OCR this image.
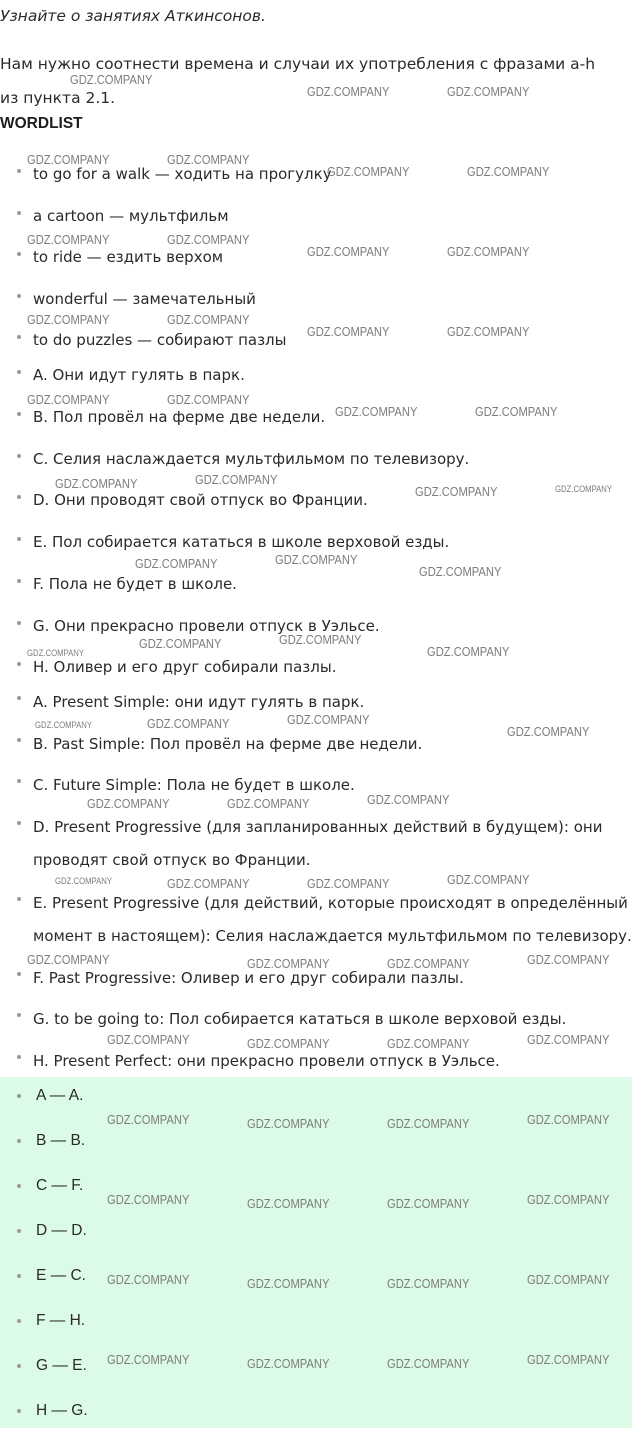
Узнайте о занятиях Аткинсонов.
Нам нужно соотнести времена и случаи их употребления с фразами a-h из пункта 2.1.
WORDLIST
to go for a walk — ходить на прогулку
a cartoon — мультфильм
to ride — ездить верхом
wonderful — замечательный
to do puzzles — собирают пазлы
A. Они идут гулять в парк.
B. Пол провёл на ферме две недели.
C. Селия наслаждается мультфильмом по телевизору.
D. Они проводят свой отпуск во Франции.
E. Пол собирается кататься в школе верховой езды.
F. Пола не будет в школе.
G. Они прекрасно провели отпуск в Уэльсе.
H. Оливер и его друг собирали пазлы.
A. Present Simple: они идут гулять в парк.
B. Past Simple: Пол провёл на ферме две недели.
C. Future Simple: Пола не будет в школе.
D. Present Progressive (для запланированных действий в будущем): они проводят свой отпуск во Франции.
E. Present Progressive (для действий, которые происходят в определённый момент в настоящем): Селия наслаждается мультфильмом по телевизору.
F. Past Progressive: Оливер и его друг собирали пазлы.
G. to be going to: Пол собирается кататься в школе верховой езды.
H. Present Perfect: они прекрасно провели отпуск в Уэльсе.
A — A.
B — B.
C — F.
D — D.
E — C.
F — H.
G — E.
H — G.
GDZ.COMPANY
GDZ.COMPANY	GDZ.COMPANY
GDZ.COMPANY	GDZ.COMPANY
GDZ.COMPANY	GDZ.COMPANY
GDZ.COMPANY	GDZ.COMPANY
GDZ.COMPANY	GDZ.COMPANY
GDZ.COMPANY	GDZ.COMPANY
GDZ.COMPANY	GDZ.COMPANY
GDZ.COMPANY	GDZ.COMPANY
GDZ.COMPANY	GDZ.COMPANY
GDZ.COMPANY	GDZ.COMPANY
GDZ.COMPANY	GDZ.COMPANY
GDZ.COMPANY	GDZ.COMPANY
GDZ.COMPANY
GDZ.COMPANY
GDZ.COMPANY	GDZ.COMPANY
GDZ.COMPANY
GDZ.COMPANY	GDZ.COMPANY	GDZ.COMPANY
GDZ.COMPANY
GDZ.COMPANY	GDZ.COMPANY	GDZ.COMPANY
GDZ.COMPANY	GDZ.COMPANY	GDZ.COMPANY	GDZ.COMPANY
GDZ.COMPANY	GDZ.COMPANY	GDZ.COMPANY	GDZ.COMPANY
GDZ.COMPANY	GDZ.COMPANY	GDZ.COMPANY	GDZ.COMPANY
GDZ.COMPANY	GDZ.COMPANY	GDZ.COMPANY	GDZ.COMPANY
GDZ.COMPANY	GDZ.COMPANY	GDZ.COMPANY	GDZ.COMPANY
GDZ.COMPANY	GDZ.COMPANY	GDZ.COMPANY	GDZ.COMPANY
GDZ.COMPANY	GDZ.COMPANY	GDZ.COMPANY	GDZ.COMPANY
